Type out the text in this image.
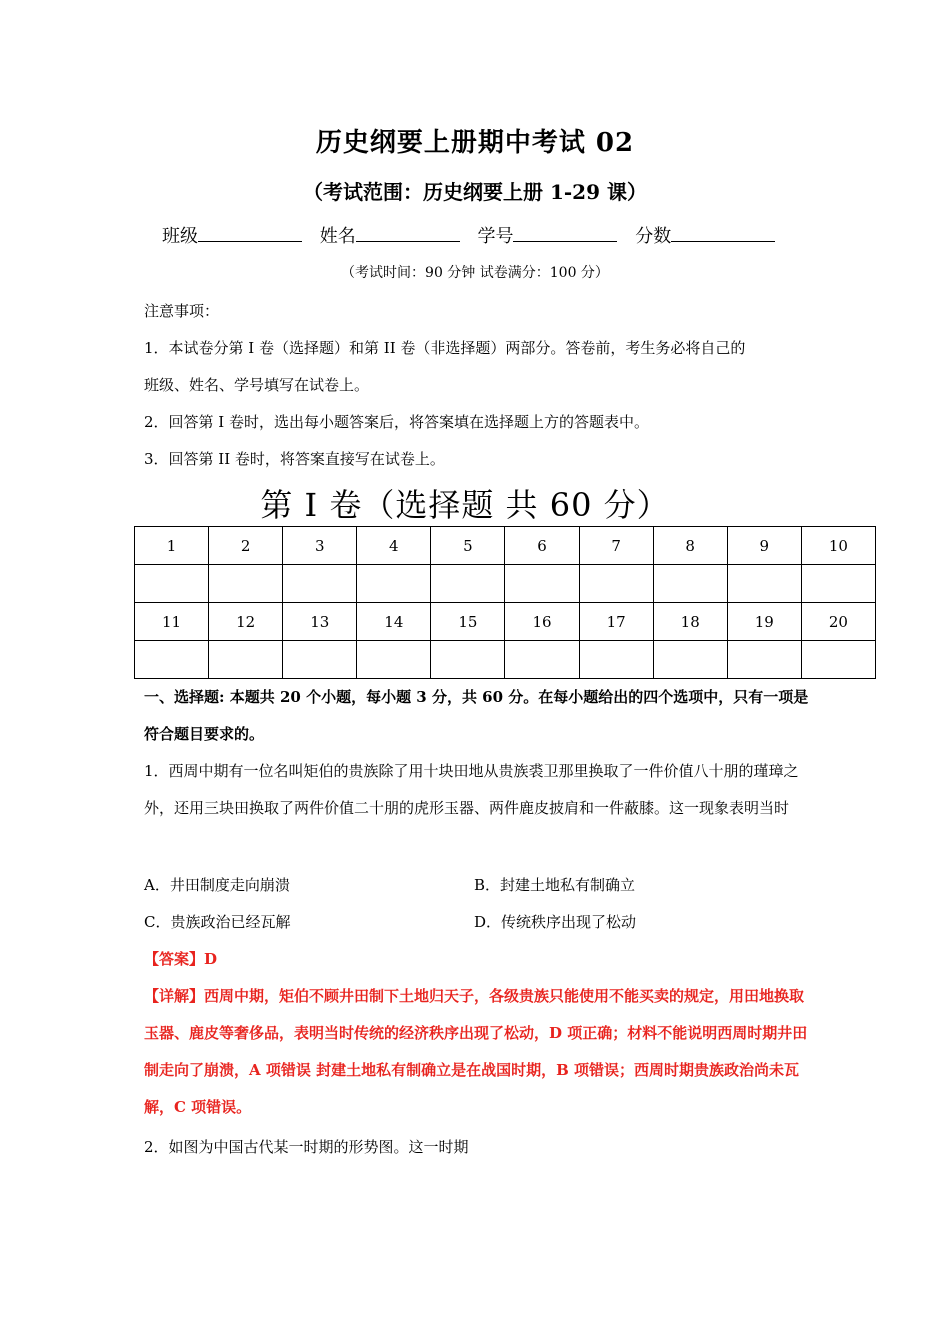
历史纲要上册期中考试 02
（考试范围：历史纲要上册 1-29 课）
班级	姓名	学号	分数
（考试时间：90 分钟 试卷满分：100 分）
注意事项：
1．本试卷分第 I 卷（选择题）和第 II 卷（非选择题）两部分。答卷前，考生务必将自己的
班级、姓名、学号填写在试卷上。
2．回答第 I 卷时，选出每小题答案后，将答案填在选择题上方的答题表中。
3．回答第 II 卷时，将答案直接写在试卷上。
第 I 卷（选择题 共 60 分）
1	2	3	4	5	6	7	8	9	10

11	12	13	14	15	16	17	18	19	20

一、选择题: 本题共 20 个小题，每小题 3 分，共 60 分。在每小题给出的四个选项中，只有一项是符合题目要求的。
1．西周中期有一位名叫矩伯的贵族除了用十块田地从贵族裘卫那里换取了一件价值八十朋的瑾璋之外，还用三块田换取了两件价值二十朋的虎形玉器、两件鹿皮披肩和一件蔽膝。这一现象表明当时
A．井田制度走向崩溃	B．封建土地私有制确立
C．贵族政治已经瓦解	D．传统秩序出现了松动
【答案】D
【详解】西周中期，矩伯不顾井田制下土地归天子，各级贵族只能使用不能买卖的规定，用田地换取玉器、鹿皮等奢侈品，表明当时传统的经济秩序出现了松动，D 项正确；材料不能说明西周时期井田制走向了崩溃，A 项错误 封建土地私有制确立是在战国时期，B 项错误；西周时期贵族政治尚未瓦解，C 项错误。
2．如图为中国古代某一时期的形势图。这一时期
